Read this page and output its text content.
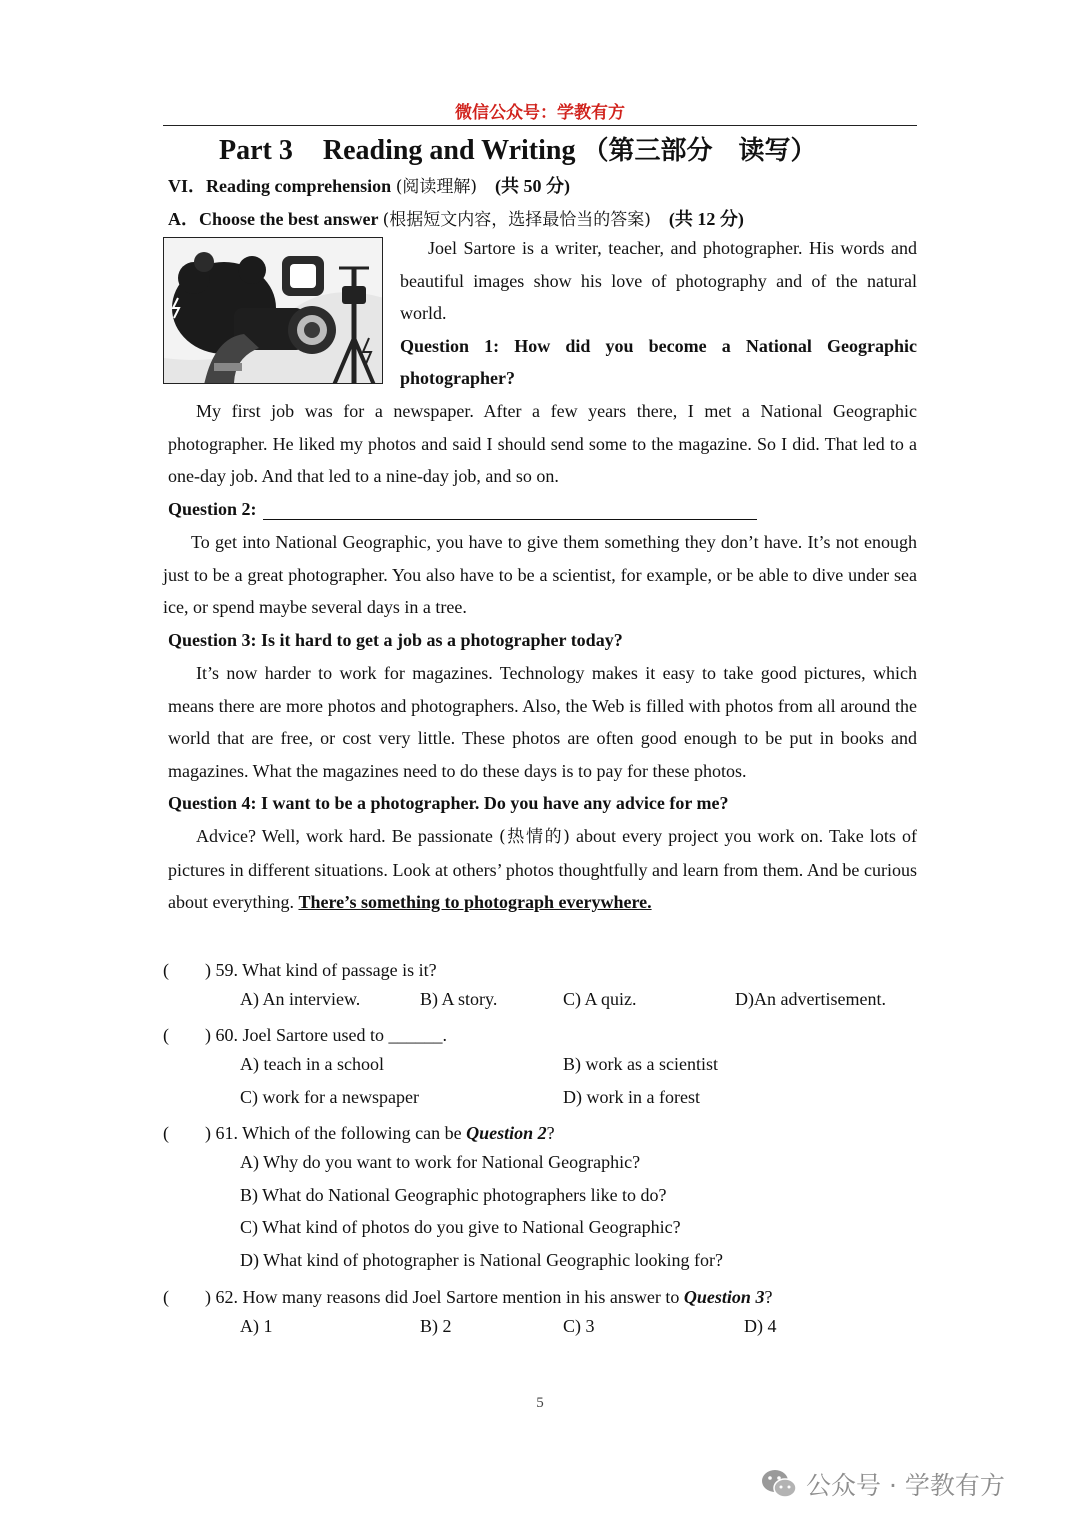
微信公众号：学教有方
Part 3 Reading and Writing （第三部分　读写）
VI．Reading comprehension (阅读理解)　(共 50 分)
A．Choose the best answer (根据短文内容，选择最恰当的答案)　(共 12 分)

Joel Sartore is a writer, teacher, and photographer. His words and beautiful images show his love of photography and of the natural world.

Question 1: How did you become a National Geographic photographer?

My first job was for a newspaper. After a few years there, I met a National Geographic photographer. He liked my photos and said I should send some to the magazine. So I did. That led to a one-day job. And that led to a nine-day job, and so on.

Question 2:

To get into National Geographic, you have to give them something they don’t have. It’s not enough just to be a great photographer. You also have to be a scientist, for example, or be able to dive under sea ice, or spend maybe several days in a tree.

Question 3: Is it hard to get a job as a photographer today?

It’s now harder to work for magazines. Technology makes it easy to take good pictures, which means there are more photos and photographers. Also, the Web is filled with photos from all around the world that are free, or cost very little. These photos are often good enough to be put in books and magazines. What the magazines need to do these days is to pay for these photos.

Question 4: I want to be a photographer. Do you have any advice for me?

Advice? Well, work hard. Be passionate (热情的) about every project you work on. Take lots of pictures in different situations. Look at others’ photos thoughtfully and learn from them. And be curious about everything. There’s something to photograph everywhere.

(　　) 59. What kind of passage is it?
A) An interview.	B) A story.	C) A quiz.	D)An advertisement.
(　　) 60. Joel Sartore used to ______.
A) teach in a school	B) work as a scientist
C) work for a newspaper	D) work in a forest
(　　) 61. Which of the following can be Question 2?
A) Why do you want to work for National Geographic?
B) What do National Geographic photographers like to do?
C) What kind of photos do you give to National Geographic?
D) What kind of photographer is National Geographic looking for?
(　　) 62. How many reasons did Joel Sartore mention in his answer to Question 3?
A) 1	B) 2	C) 3	D) 4
5
公众号 · 学教有方
